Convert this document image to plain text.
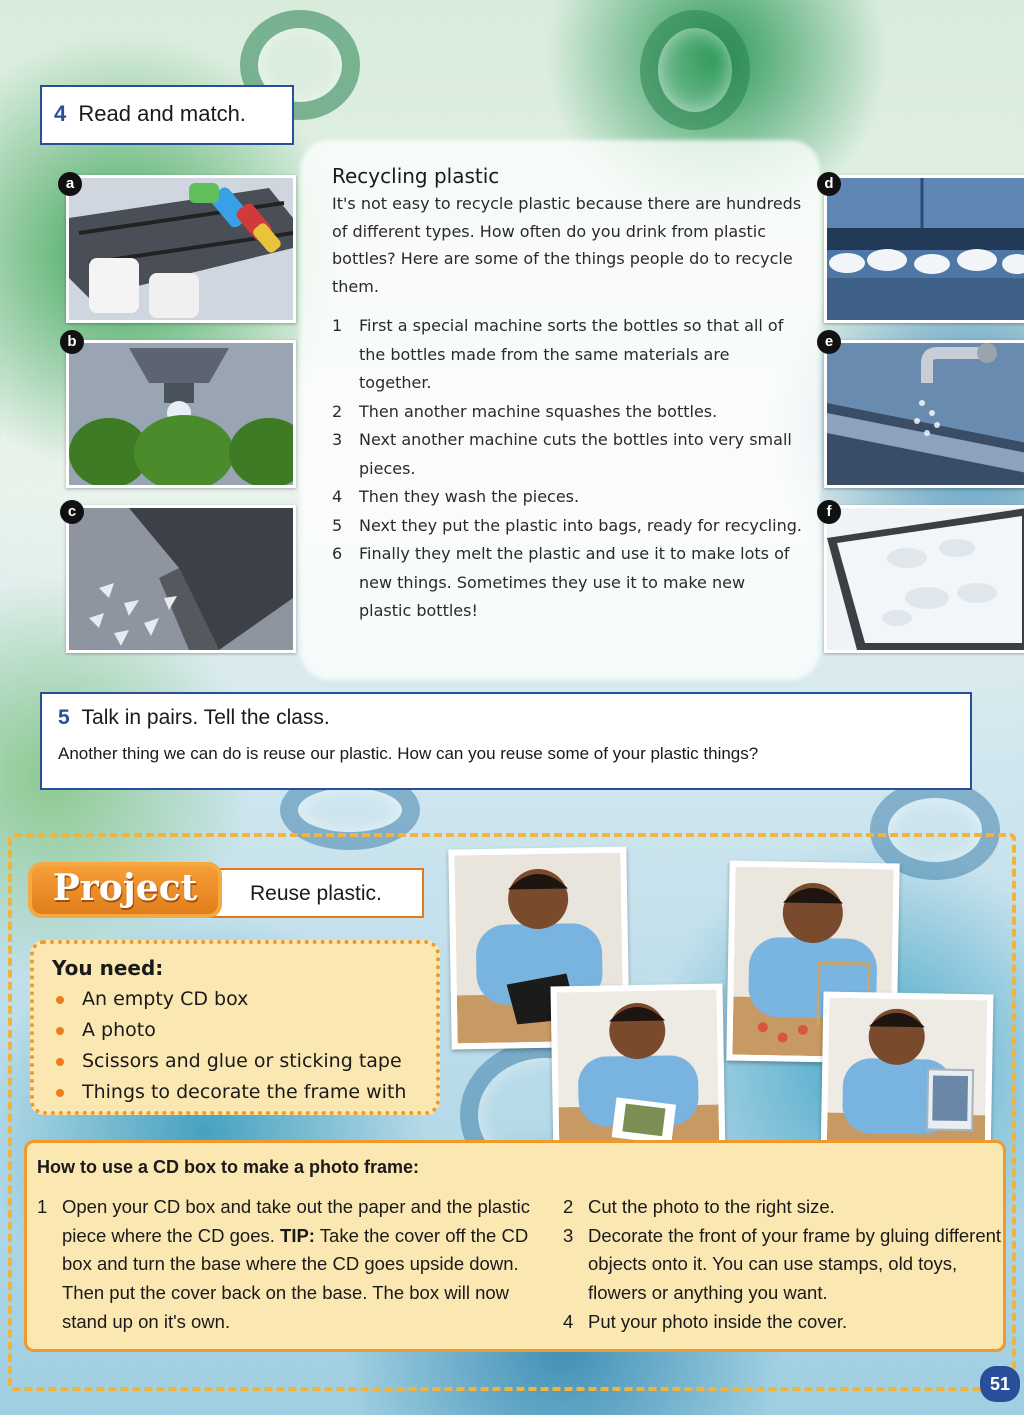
4 Read and match.
a
b
c
d
e
f
Recycling plastic

It's not easy to recycle plastic because there are hundreds of different types. How often do you drink from plastic bottles? Here are some of the things people do to recycle them.

1 First a special machine sorts the bottles so that all of the bottles made from the same materials are together.
2 Then another machine squashes the bottles.
3 Next another machine cuts the bottles into very small pieces.
4 Then they wash the pieces.
5 Next they put the plastic into bags, ready for recycling.
6 Finally they melt the plastic and use it to make lots of new things. Sometimes they use it to make new plastic bottles!
5 Talk in pairs. Tell the class.
Another thing we can do is reuse our plastic. How can you reuse some of your plastic things?
Reuse plastic.
Project
You need:
An empty CD box
A photo
Scissors and glue or sticking tape
Things to decorate the frame with
How to use a CD box to make a photo frame:
1 Open your CD box and take out the paper and the plastic piece where the CD goes. TIP: Take the cover off the CD box and turn the base where the CD goes upside down. Then put the cover back on the base. The box will now stand up on it's own.
2 Cut the photo to the right size.
3 Decorate the front of your frame by gluing different objects onto it. You can use stamps, old toys, flowers or anything you want.
4 Put your photo inside the cover.
51
